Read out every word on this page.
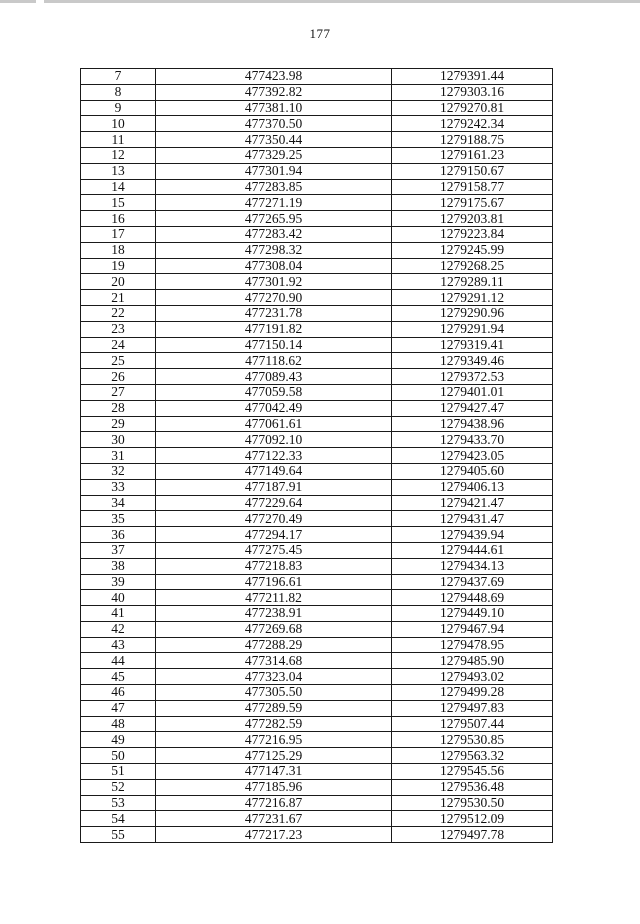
177
7	477423.98	1279391.44
8	477392.82	1279303.16
9	477381.10	1279270.81
10	477370.50	1279242.34
11	477350.44	1279188.75
12	477329.25	1279161.23
13	477301.94	1279150.67
14	477283.85	1279158.77
15	477271.19	1279175.67
16	477265.95	1279203.81
17	477283.42	1279223.84
18	477298.32	1279245.99
19	477308.04	1279268.25
20	477301.92	1279289.11
21	477270.90	1279291.12
22	477231.78	1279290.96
23	477191.82	1279291.94
24	477150.14	1279319.41
25	477118.62	1279349.46
26	477089.43	1279372.53
27	477059.58	1279401.01
28	477042.49	1279427.47
29	477061.61	1279438.96
30	477092.10	1279433.70
31	477122.33	1279423.05
32	477149.64	1279405.60
33	477187.91	1279406.13
34	477229.64	1279421.47
35	477270.49	1279431.47
36	477294.17	1279439.94
37	477275.45	1279444.61
38	477218.83	1279434.13
39	477196.61	1279437.69
40	477211.82	1279448.69
41	477238.91	1279449.10
42	477269.68	1279467.94
43	477288.29	1279478.95
44	477314.68	1279485.90
45	477323.04	1279493.02
46	477305.50	1279499.28
47	477289.59	1279497.83
48	477282.59	1279507.44
49	477216.95	1279530.85
50	477125.29	1279563.32
51	477147.31	1279545.56
52	477185.96	1279536.48
53	477216.87	1279530.50
54	477231.67	1279512.09
55	477217.23	1279497.78
